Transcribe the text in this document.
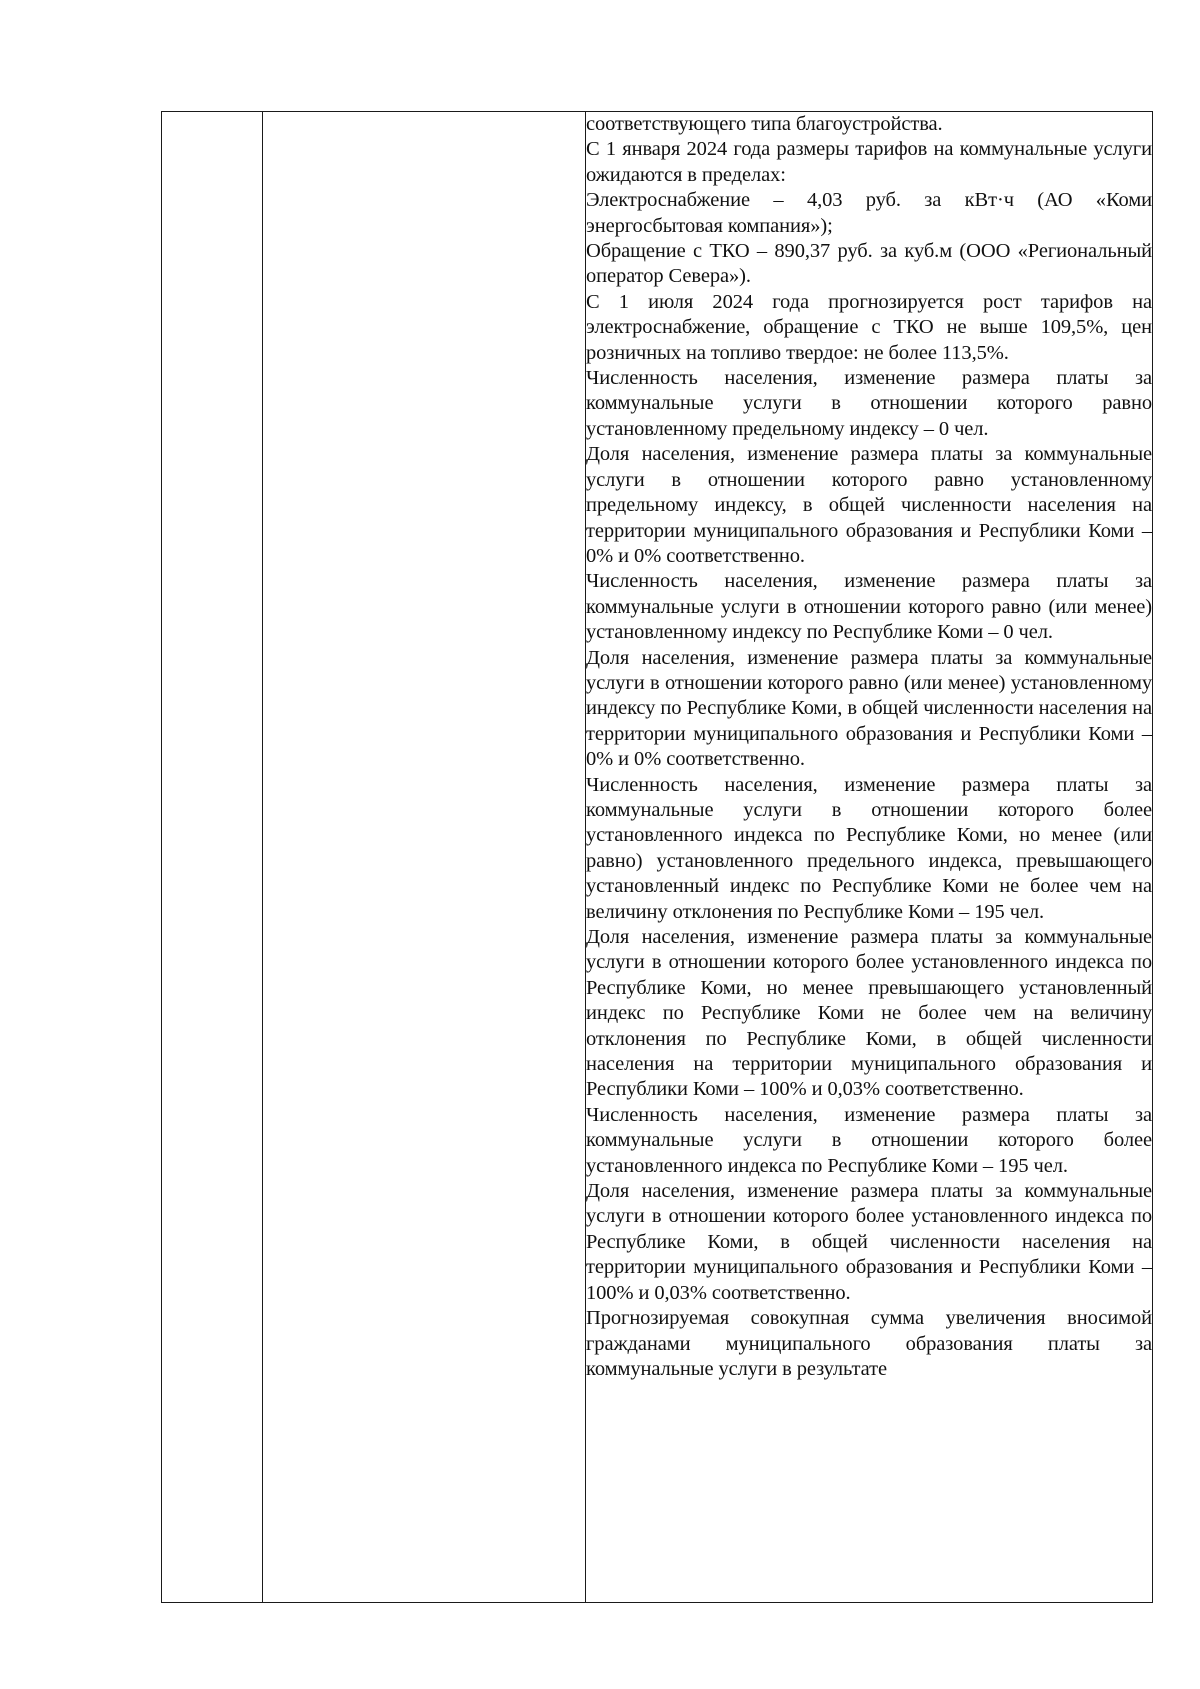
соответствующего типа благоустройства.

С 1 января 2024 года размеры тарифов на коммунальные услуги ожидаются в пределах:

Электроснабжение – 4,03 руб. за кВт·ч (АО «Коми энергосбытовая компания»);

Обращение с ТКО – 890,37 руб. за куб.м (ООО «Региональный оператор Севера»).

С 1 июля 2024 года прогнозируется рост тарифов на электроснабжение, обращение с ТКО не выше 109,5%, цен розничных на топливо твердое: не более 113,5%.

Численность населения, изменение размера платы за коммунальные услуги в отношении которого равно установленному предельному индексу – 0 чел.

Доля населения, изменение размера платы за коммунальные услуги в отношении которого равно установленному предельному индексу, в общей численности населения на территории муниципального образования и Республики Коми – 0% и 0% соответственно.

Численность населения, изменение размера платы за коммунальные услуги в отношении которого равно (или менее) установленному индексу по Республике Коми – 0 чел.

Доля населения, изменение размера платы за коммунальные услуги в отношении которого равно (или менее) установленному индексу по Республике Коми, в общей численности населения на территории муниципального образования и Республики Коми – 0% и 0% соответственно.

Численность населения, изменение размера платы за коммунальные услуги в отношении которого более установленного индекса по Республике Коми, но менее (или равно) установленного предельного индекса, превышающего установленный индекс по Республике Коми не более чем на величину отклонения по Республике Коми – 195 чел.

Доля населения, изменение размера платы за коммунальные услуги в отношении которого более установленного индекса по Республике Коми, но менее превышающего установленный индекс по Республике Коми не более чем на величину отклонения по Республике Коми, в общей численности населения на территории муниципального образования и Республики Коми – 100% и 0,03% соответственно.

Численность населения, изменение размера платы за коммунальные услуги в отношении которого более установленного индекса по Республике Коми – 195 чел.

Доля населения, изменение размера платы за коммунальные услуги в отношении которого более установленного индекса по Республике Коми, в общей численности населения на территории муниципального образования и Республики Коми – 100% и 0,03% соответственно.

Прогнозируемая совокупная сумма увеличения вносимой гражданами муниципального образования платы за коммунальные услуги в результате
